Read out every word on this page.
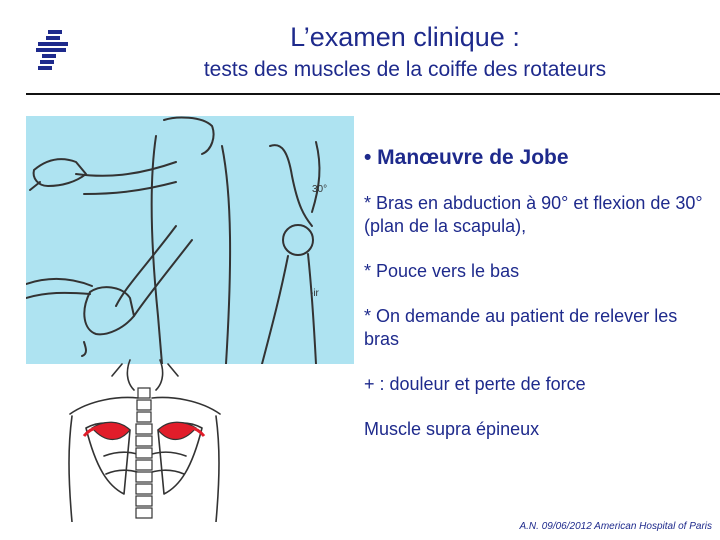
L’examen clinique :
tests des muscles de la coiffe des rotateurs
30°
-ir
• Manœuvre de Jobe
* Bras en abduction à 90° et flexion de 30° (plan de la scapula),
* Pouce vers le bas
* On demande au patient de relever les bras
+ : douleur et perte de force
Muscle supra épineux
A.N. 09/06/2012 American Hospital of Paris
